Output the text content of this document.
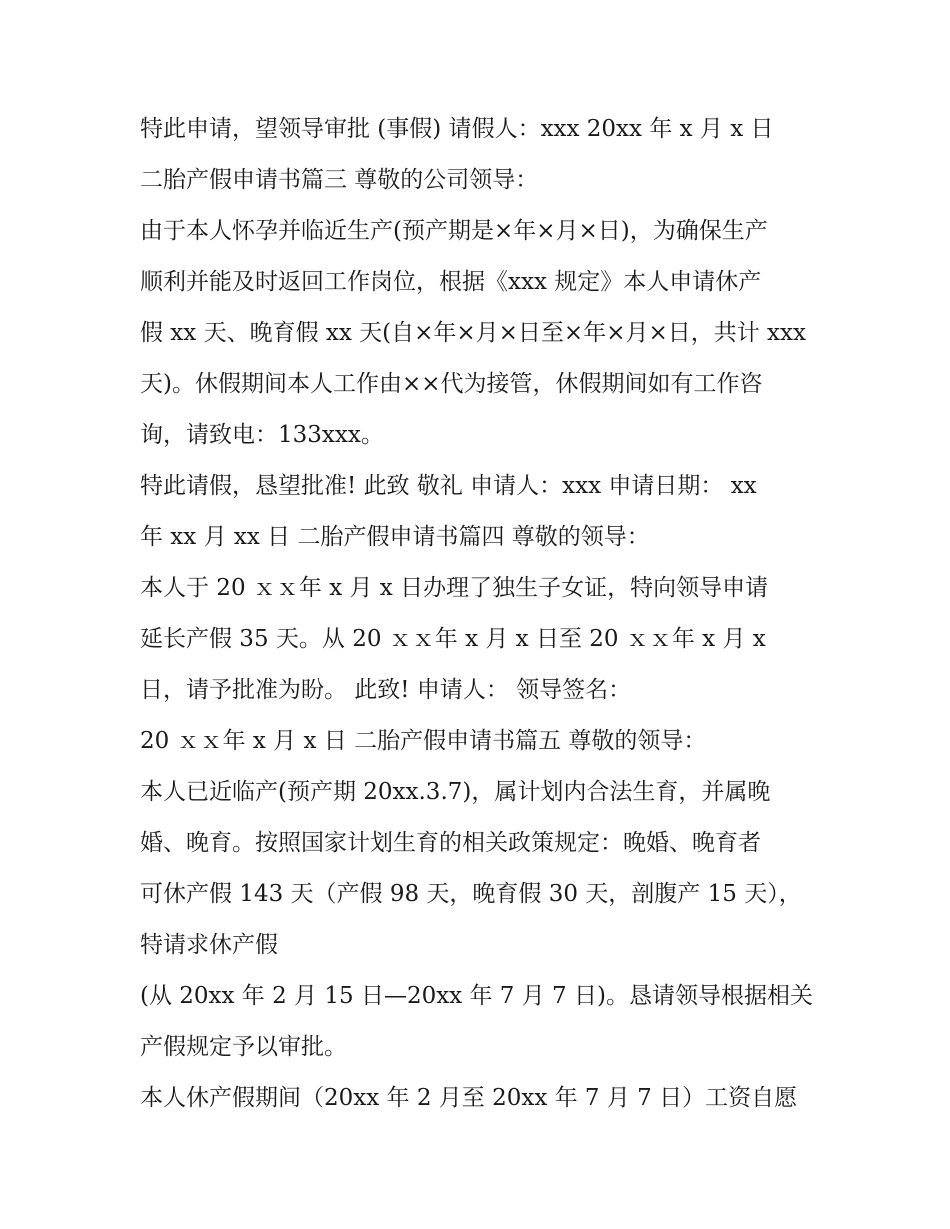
特此申请，望领导审批 (事假) 请假人：xxx 20xx 年 x 月 x 日
二胎产假申请书篇三 尊敬的公司领导：
由于本人怀孕并临近生产(预产期是×年×月×日)，为确保生产
顺利并能及时返回工作岗位，根据《xxx 规定》本人申请休产
假 xx 天、晚育假 xx 天(自×年×月×日至×年×月×日，共计 xxx
天)。休假期间本人工作由××代为接管，休假期间如有工作咨
询，请致电：133xxx。
特此请假，恳望批准! 此致 敬礼 申请人：xxx 申请日期： xx
年 xx 月 xx 日 二胎产假申请书篇四 尊敬的领导：
本人于 20 ｘｘ年 x 月 x 日办理了独生子女证，特向领导申请
延长产假 35 天。从 20 ｘｘ年 x 月 x 日至 20 ｘｘ年 x 月 x
日，请予批准为盼。 此致! 申请人： 领导签名：
20 ｘｘ年 x 月 x 日 二胎产假申请书篇五 尊敬的领导：
本人已近临产(预产期 20xx.3.7)，属计划内合法生育，并属晚
婚、晚育。按照国家计划生育的相关政策规定：晚婚、晚育者
可休产假 143 天（产假 98 天，晚育假 30 天，剖腹产 15 天），
特请求休产假
(从 20xx 年 2 月 15 日—20xx 年 7 月 7 日)。恳请领导根据相关
产假规定予以审批。
本人休产假期间（20xx 年 2 月至 20xx 年 7 月 7 日）工资自愿
